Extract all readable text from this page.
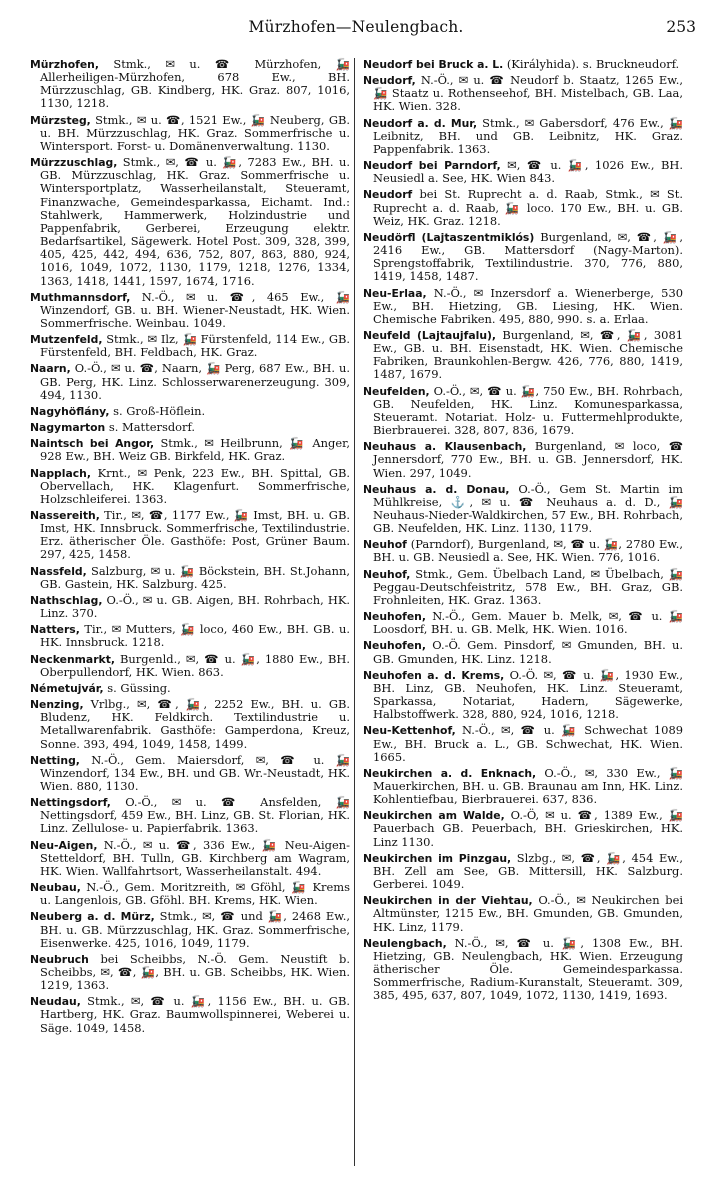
Mürzhofen—Neulengbach.	253

Mürzhofen, Stmk., ✉ u. ☎ Mürzhofen, 🚂 Allerheiligen-Mürzhofen, 678 Ew., BH. Mürzzuschlag, GB. Kindberg, HK. Graz. 807, 1016, 1130, 1218.

Mürzsteg, Stmk., ✉ u. ☎, 1521 Ew., 🚂 Neuberg, GB. u. BH. Mürzzuschlag, HK. Graz. Sommerfrische u. Wintersport. Forst- u. Domänenverwaltung. 1130.

Mürzzuschlag, Stmk., ✉, ☎ u. 🚂, 7283 Ew., BH. u. GB. Mürzzuschlag, HK. Graz. Sommerfrische u. Wintersportplatz, Wasserheilanstalt, Steueramt, Finanzwache, Gemeindesparkassa, Eichamt. Ind.: Stahlwerk, Hammerwerk, Holzindustrie und Pappenfabrik, Gerberei, Erzeugung elektr. Bedarfsartikel, Sägewerk. Hotel Post. 309, 328, 399, 405, 425, 442, 494, 636, 752, 807, 863, 880, 924, 1016, 1049, 1072, 1130, 1179, 1218, 1276, 1334, 1363, 1418, 1441, 1597, 1674, 1716.

Muthmannsdorf, N.-Ö., ✉ u. ☎, 465 Ew., 🚂 Winzendorf, GB. u. BH. Wiener-Neustadt, HK. Wien. Sommerfrische. Weinbau. 1049.

Mutzenfeld, Stmk., ✉ Ilz, 🚂 Fürstenfeld, 114 Ew., GB. Fürstenfeld, BH. Feldbach, HK. Graz.

Naarn, O.-Ö., ✉ u. ☎, Naarn, 🚂 Perg, 687 Ew., BH. u. GB. Perg, HK. Linz. Schlosserwarenerzeugung. 309, 494, 1130.

Nagyhöflány, s. Groß-Höflein.

Nagymarton s. Mattersdorf.

Naintsch bei Angor, Stmk., ✉ Heilbrunn, 🚂 Anger, 928 Ew., BH. Weiz GB. Birkfeld, HK. Graz.

Napplach, Krnt., ✉ Penk, 223 Ew., BH. Spittal, GB. Obervellach, HK. Klagenfurt. Sommerfrische, Holzschleiferei. 1363.

Nassereith, Tir., ✉, ☎, 1177 Ew., 🚂 Imst, BH. u. GB. Imst, HK. Innsbruck. Sommerfrische, Textilindustrie. Erz. ätherischer Öle. Gasthöfe: Post, Grüner Baum. 297, 425, 1458.

Nassfeld, Salzburg, ✉ u. 🚂 Böckstein, BH. St.Johann, GB. Gastein, HK. Salzburg. 425.

Nathschlag, O.-Ö., ✉ u. GB. Aigen, BH. Rohrbach, HK. Linz. 370.

Natters, Tir., ✉ Mutters, 🚂 loco, 460 Ew., BH. GB. u. HK. Innsbruck. 1218.

Neckenmarkt, Burgenld., ✉, ☎ u. 🚂, 1880 Ew., BH. Oberpullendorf, HK. Wien. 863.

Németujvár, s. Güssing.

Nenzing, Vrlbg., ✉, ☎, 🚂, 2252 Ew., BH. u. GB. Bludenz, HK. Feldkirch. Textilindustrie u. Metallwarenfabrik. Gasthöfe: Gamperdona, Kreuz, Sonne. 393, 494, 1049, 1458, 1499.

Netting, N.-Ö., Gem. Maiersdorf, ✉, ☎ u. 🚂 Winzendorf, 134 Ew., BH. und GB. Wr.-Neustadt, HK. Wien. 880, 1130.

Nettingsdorf, O.-Ö., ✉ u. ☎ Ansfelden, 🚂 Nettingsdorf, 459 Ew., BH. Linz, GB. St. Florian, HK. Linz. Zellulose- u. Papierfabrik. 1363.

Neu-Aigen, N.-Ö., ✉ u. ☎, 336 Ew., 🚂 Neu-Aigen-Stetteldorf, BH. Tulln, GB. Kirchberg am Wagram, HK. Wien. Wallfahrtsort, Wasserheilanstalt. 494.

Neubau, N.-Ö., Gem. Moritzreith, ✉ Gföhl, 🚂 Krems u. Langenlois, GB. Gföhl. BH. Krems, HK. Wien.

Neuberg a. d. Mürz, Stmk., ✉, ☎ und 🚂, 2468 Ew., BH. u. GB. Mürzzuschlag, HK. Graz. Sommerfrische, Eisenwerke. 425, 1016, 1049, 1179.

Neubruch bei Scheibbs, N.-Ö. Gem. Neustift b. Scheibbs, ✉, ☎, 🚂, BH. u. GB. Scheibbs, HK. Wien. 1219, 1363.

Neudau, Stmk., ✉, ☎ u. 🚂, 1156 Ew., BH. u. GB. Hartberg, HK. Graz. Baumwollspinnerei, Weberei u. Säge. 1049, 1458.

Neudorf bei Bruck a. L. (Királyhida). s. Bruckneudorf.

Neudorf, N.-Ö., ✉ u. ☎ Neudorf b. Staatz, 1265 Ew., 🚂 Staatz u. Rothenseehof, BH. Mistelbach, GB. Laa, HK. Wien. 328.

Neudorf a. d. Mur, Stmk., ✉ Gabersdorf, 476 Ew., 🚂 Leibnitz, BH. und GB. Leibnitz, HK. Graz. Pappenfabrik. 1363.

Neudorf bei Parndorf, ✉, ☎ u. 🚂, 1026 Ew., BH. Neusiedl a. See, HK. Wien 843.

Neudorf bei St. Ruprecht a. d. Raab, Stmk., ✉ St. Ruprecht a. d. Raab, 🚂 loco. 170 Ew., BH. u. GB. Weiz, HK. Graz. 1218.

Neudörfl (Lajtaszentmiklós) Burgenland, ✉, ☎, 🚂, 2416 Ew., GB. Mattersdorf (Nagy-Marton). Sprengstoffabrik, Textilindustrie. 370, 776, 880, 1419, 1458, 1487.

Neu-Erlaa, N.-Ö., ✉ Inzersdorf a. Wienerberge, 530 Ew., BH. Hietzing, GB. Liesing, HK. Wien. Chemische Fabriken. 495, 880, 990. s. a. Erlaa.

Neufeld (Lajtaujfalu), Burgenland, ✉, ☎, 🚂, 3081 Ew., GB. u. BH. Eisenstadt, HK. Wien. Chemische Fabriken, Braunkohlen-Bergw. 426, 776, 880, 1419, 1487, 1679.

Neufelden, O.-Ö., ✉, ☎ u. 🚂, 750 Ew., BH. Rohrbach, GB. Neufelden, HK. Linz. Komunesparkassa, Steueramt. Notariat. Holz- u. Futtermehlprodukte, Bierbrauerei. 328, 807, 836, 1679.

Neuhaus a. Klausenbach, Burgenland, ✉ loco, ☎ Jennersdorf, 770 Ew., BH. u. GB. Jennersdorf, HK. Wien. 297, 1049.

Neuhaus a. d. Donau, O.-Ö., Gem St. Martin im Mühlkreise, ⚓, ✉ u. ☎ Neuhaus a. d. D., 🚂 Neuhaus-Nieder-Waldkirchen, 57 Ew., BH. Rohrbach, GB. Neufelden, HK. Linz. 1130, 1179.

Neuhof (Parndorf), Burgenland, ✉, ☎ u. 🚂, 2780 Ew., BH. u. GB. Neusiedl a. See, HK. Wien. 776, 1016.

Neuhof, Stmk., Gem. Übelbach Land, ✉ Übelbach, 🚂 Peggau-Deutschfeistritz, 578 Ew., BH. Graz, GB. Frohnleiten, HK. Graz. 1363.

Neuhofen, N.-Ö., Gem. Mauer b. Melk, ✉, ☎ u. 🚂 Loosdorf, BH. u. GB. Melk, HK. Wien. 1016.

Neuhofen, O.-Ö. Gem. Pinsdorf, ✉ Gmunden, BH. u. GB. Gmunden, HK. Linz. 1218.

Neuhofen a. d. Krems, O.-Ö. ✉, ☎ u. 🚂, 1930 Ew., BH. Linz, GB. Neuhofen, HK. Linz. Steueramt, Sparkassa, Notariat, Hadern, Sägewerke, Halbstoffwerk. 328, 880, 924, 1016, 1218.

Neu-Kettenhof, N.-Ö., ✉, ☎ u. 🚂 Schwechat 1089 Ew., BH. Bruck a. L., GB. Schwechat, HK. Wien. 1665.

Neukirchen a. d. Enknach, O.-Ö., ✉, 330 Ew., 🚂 Mauerkirchen, BH. u. GB. Braunau am Inn, HK. Linz. Kohlentiefbau, Bierbrauerei. 637, 836.

Neukirchen am Walde, O.-Ö, ✉ u. ☎, 1389 Ew., 🚂 Pauerbach GB. Peuerbach, BH. Grieskirchen, HK. Linz 1130.

Neukirchen im Pinzgau, Slzbg., ✉, ☎, 🚂, 454 Ew., BH. Zell am See, GB. Mittersill, HK. Salzburg. Gerberei. 1049.

Neukirchen in der Viehtau, O.-Ö., ✉ Neukirchen bei Altmünster, 1215 Ew., BH. Gmunden, GB. Gmunden, HK. Linz, 1179.

Neulengbach, N.-Ö., ✉, ☎ u. 🚂, 1308 Ew., BH. Hietzing, GB. Neulengbach, HK. Wien. Erzeugung ätherischer Öle. Gemeindesparkassa. Sommerfrische, Radium-Kuranstalt, Steueramt. 309, 385, 495, 637, 807, 1049, 1072, 1130, 1419, 1693.
